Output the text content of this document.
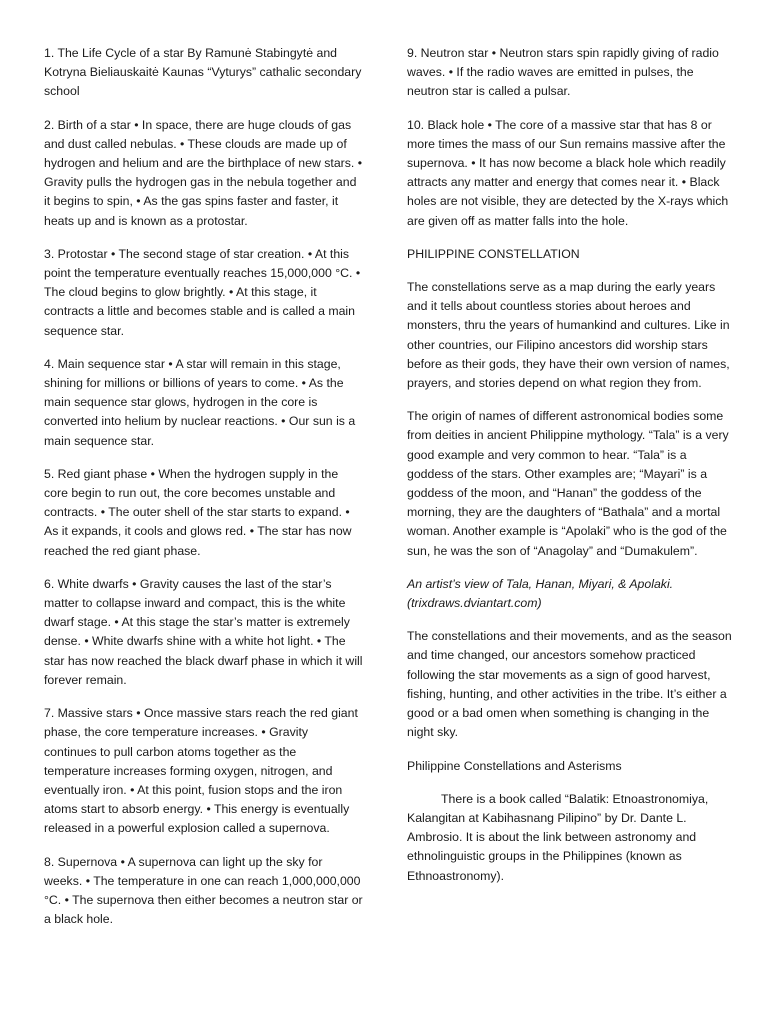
1. The Life Cycle of a star By Ramunė Stabingytė and Kotryna Bieliauskaitė Kaunas “Vyturys” cathalic secondary school

2. Birth of a star • In space, there are huge clouds of gas and dust called nebulas. • These clouds are made up of hydrogen and helium and are the birthplace of new stars. • Gravity pulls the hydrogen gas in the nebula together and it begins to spin, • As the gas spins faster and faster, it heats up and is known as a protostar.

3. Protostar • The second stage of star creation. • At this point the temperature eventually reaches 15,000,000 °C. • The cloud begins to glow brightly. • At this stage, it contracts a little and becomes stable and is called a main sequence star.

4. Main sequence star • A star will remain in this stage, shining for millions or billions of years to come. • As the main sequence star glows, hydrogen in the core is converted into helium by nuclear reactions. • Our sun is a main sequence star.

5. Red giant phase • When the hydrogen supply in the core begin to run out, the core becomes unstable and contracts. • The outer shell of the star starts to expand. • As it expands, it cools and glows red. • The star has now reached the red giant phase.

6. White dwarfs • Gravity causes the last of the star’s matter to collapse inward and compact, this is the white dwarf stage. • At this stage the star’s matter is extremely dense. • White dwarfs shine with a white hot light. • The star has now reached the black dwarf phase in which it will forever remain.

7. Massive stars • Once massive stars reach the red giant phase, the core temperature increases. • Gravity continues to pull carbon atoms together as the temperature increases forming oxygen, nitrogen, and eventually iron. • At this point, fusion stops and the iron atoms start to absorb energy. • This energy is eventually released in a powerful explosion called a supernova.

8. Supernova • A supernova can light up the sky for weeks. • The temperature in one can reach 1,000,000,000 °C. • The supernova then either becomes a neutron star or a black hole.

9. Neutron star • Neutron stars spin rapidly giving of radio waves. • If the radio waves are emitted in pulses, the neutron star is called a pulsar.

10. Black hole • The core of a massive star that has 8 or more times the mass of our Sun remains massive after the supernova. • It has now become a black hole which readily attracts any matter and energy that comes near it. • Black holes are not visible, they are detected by the X-rays which are given off as matter falls into the hole.

PHILIPPINE CONSTELLATION

The constellations serve as a map during the early years and it tells about countless stories about heroes and monsters, thru the years of humankind and cultures. Like in other countries, our Filipino ancestors did worship stars before as their gods, they have their own version of names, prayers, and stories depend on what region they from.

The origin of names of different astronomical bodies some from deities in ancient Philippine mythology. “Tala” is a very good example and very common to hear. “Tala” is a goddess of the stars. Other examples are; “Mayari” is a goddess of the moon, and “Hanan” the goddess of the morning, they are the daughters of “Bathala” and a mortal woman. Another example is “Apolaki” who is the god of the sun, he was the son of “Anagolay” and “Dumakulem”.

An artist’s view of Tala, Hanan, Miyari, & Apolaki. (trixdraws.dviantart.com)

The constellations and their movements, and as the season and time changed, our ancestors somehow practiced following the star movements as a sign of good harvest, fishing, hunting, and other activities in the tribe. It’s either a good or a bad omen when something is changing in the night sky.

Philippine Constellations and Asterisms

There is a book called “Balatik: Etnoastronomiya, Kalangitan at Kabihasnang Pilipino” by Dr. Dante L. Ambrosio. It is about the link between astronomy and ethnolinguistic groups in the Philippines (known as Ethnoastronomy).
